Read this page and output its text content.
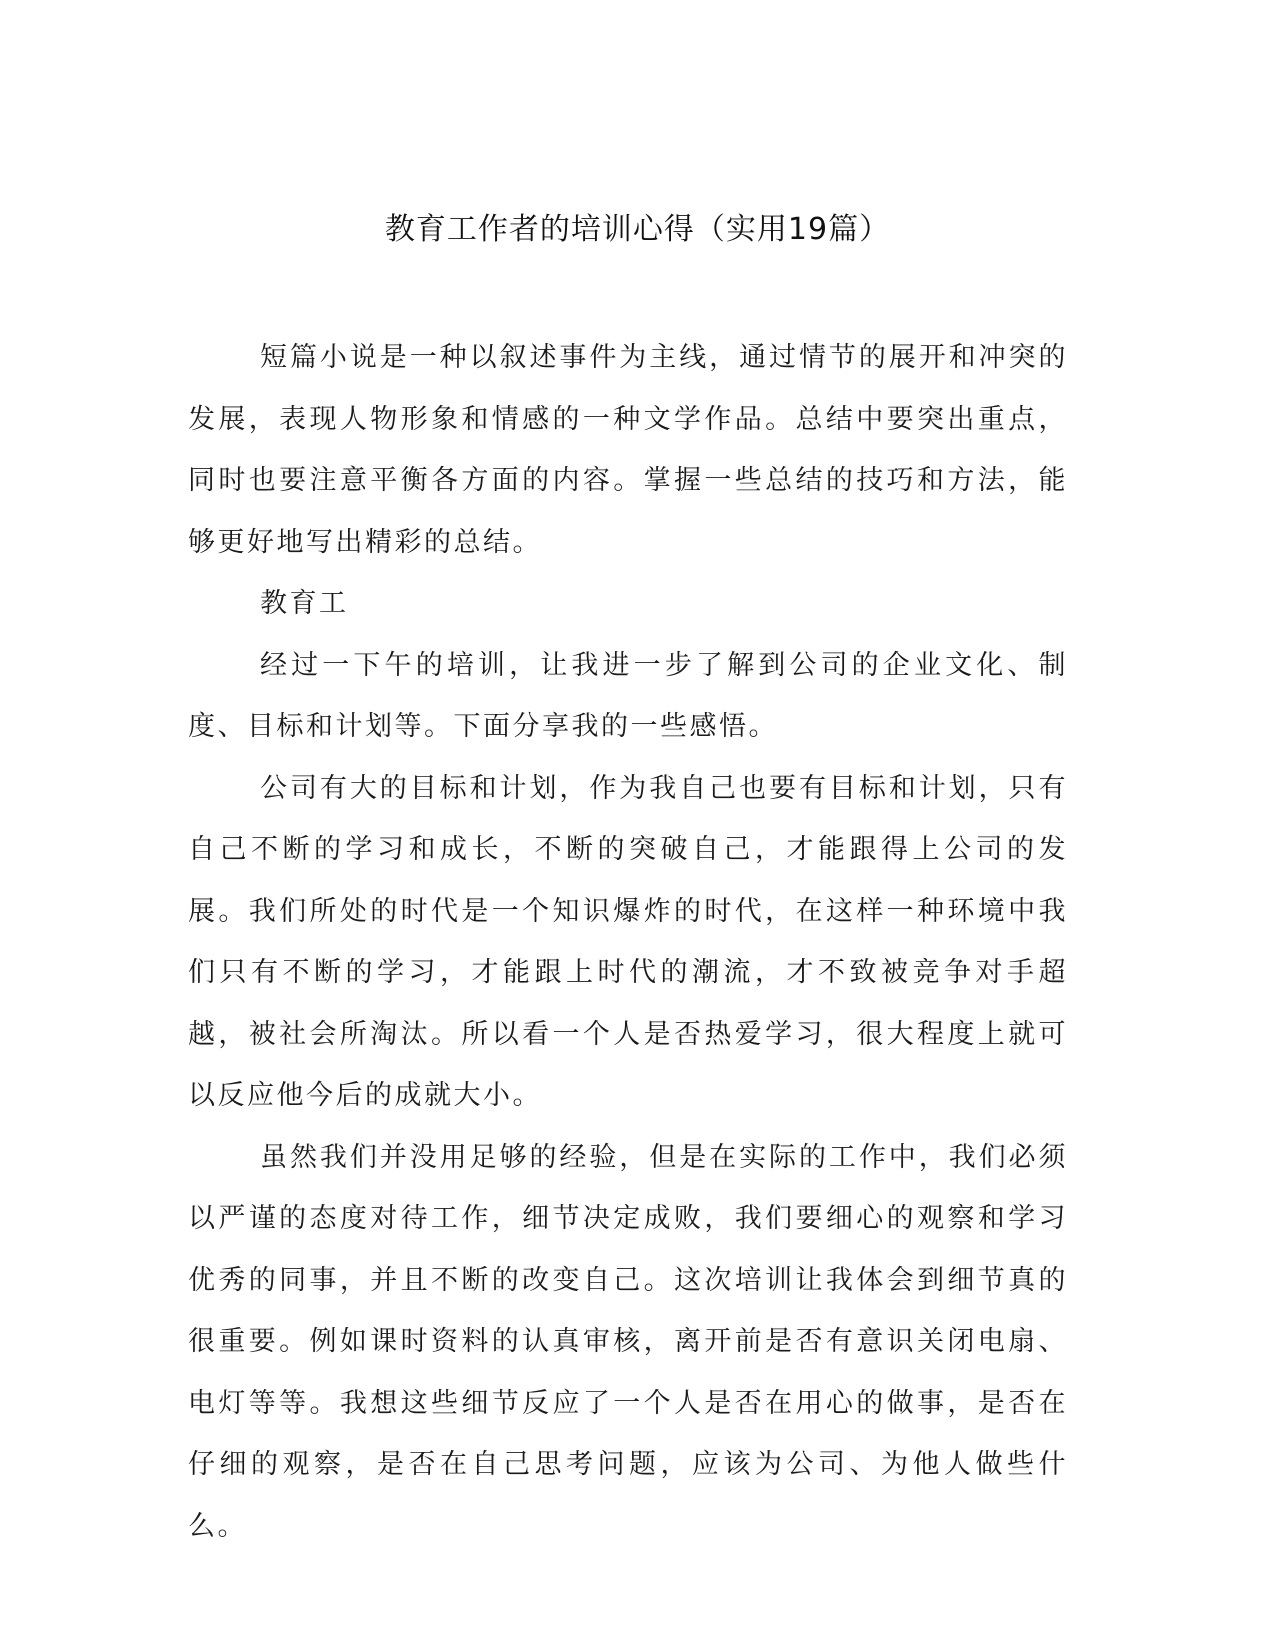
教育工作者的培训心得（实用19篇）

短篇小说是一种以叙述事件为主线，通过情节的展开和冲突的发展，表现人物形象和情感的一种文学作品。总结中要突出重点，同时也要注意平衡各方面的内容。掌握一些总结的技巧和方法，能够更好地写出精彩的总结。

教育工

经过一下午的培训，让我进一步了解到公司的企业文化、制度、目标和计划等。下面分享我的一些感悟。

公司有大的目标和计划，作为我自己也要有目标和计划，只有自己不断的学习和成长，不断的突破自己，才能跟得上公司的发展。我们所处的时代是一个知识爆炸的时代，在这样一种环境中我们只有不断的学习，才能跟上时代的潮流，才不致被竞争对手超越，被社会所淘汰。所以看一个人是否热爱学习，很大程度上就可以反应他今后的成就大小。

虽然我们并没用足够的经验，但是在实际的工作中，我们必须以严谨的态度对待工作，细节决定成败，我们要细心的观察和学习优秀的同事，并且不断的改变自己。这次培训让我体会到细节真的很重要。例如课时资料的认真审核，离开前是否有意识关闭电扇、电灯等等。我想这些细节反应了一个人是否在用心的做事，是否在仔细的观察，是否在自己思考问题，应该为公司、为他人做些什么。
